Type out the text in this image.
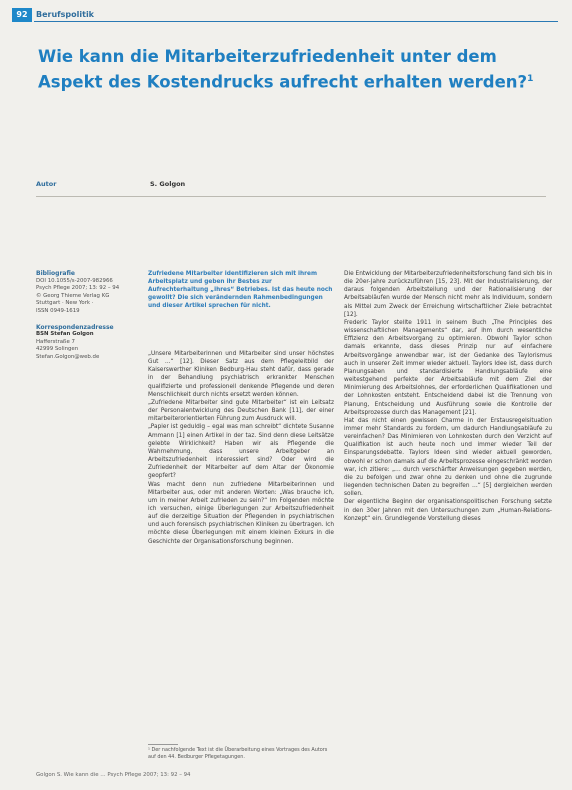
92	Berufspolitik
Wie kann die Mitarbeiterzufriedenheit unter dem Aspekt des Kostendrucks aufrecht erhalten werden?$^1$
Autor	S. Golgon
Bibliografie
DOI 10.1055/s-2007-982966
Psych Pflege 2007; 13: 92 – 94
© Georg Thieme Verlag KG
Stuttgart · New York ·
ISSN 0949-1619
Korrespondenzadresse
BSN Stefan Golgon
Hafferstraße 7
42999 Solingen
Stefan.Golgon@web.de
Zufriedene Mitarbeiter identifizieren sich mit ihrem Arbeitsplatz und geben ihr Bestes zur Aufrechterhaltung „ihres“ Betriebes. Ist das heute noch gewollt? Die sich verändernden Rahmenbedingungen und dieser Artikel sprechen für nicht.

„Unsere Mitarbeiterinnen und Mitarbeiter sind unser höchstes Gut …“ [12]. Dieser Satz aus dem Pflegeleitbild der Kaiserswerther Kliniken Bedburg-Hau steht dafür, dass gerade in der Behandlung psychiatrisch erkrankter Menschen qualifizierte und professionell denkende Pflegende und deren Menschlichkeit durch nichts ersetzt werden können.

„Zufriedene Mitarbeiter sind gute Mitarbeiter“ ist ein Leitsatz der Personalentwicklung des Deutschen Bank [11], der einer mitarbeiterorientierten Führung zum Ausdruck will.

„Papier ist geduldig – egal was man schreibt“ dichtete Susanne Ammann [1] einen Artikel in der taz. Sind denn diese Leitsätze gelebte Wirklichkeit? Haben wir als Pflegende die Wahrnehmung, dass unsere Arbeitgeber an Arbeitszufriedenheit interessiert sind? Oder wird die Zufriedenheit der Mitarbeiter auf dem Altar der Ökonomie geopfert?

Was macht denn nun zufriedene Mitarbeiterinnen und Mitarbeiter aus, oder mit anderen Worten: „Was brauche ich, um in meiner Arbeit zufrieden zu sein?“ Im Folgenden möchte ich versuchen, einige Überlegungen zur Arbeitszufriedenheit auf die derzeitige Situation der Pflegenden in psychiatrischen und auch forensisch psychiatrischen Kliniken zu übertragen. Ich möchte diese Überlegungen mit einem kleinen Exkurs in die Geschichte der Organisationsforschung beginnen.

¹ Der nachfolgende Text ist die Überarbeitung eines Vortrages des Autors auf den 44. Bedburger Pflegetagungen.

Die Entwicklung der Mitarbeiterzufriedenheitsforschung fand sich bis in die 20er-Jahre zurückzuführen [15, 23]. Mit der Industrialisierung, der daraus folgenden Arbeitsteilung und der Rationalisierung der Arbeitsabläufen wurde der Mensch nicht mehr als Individuum, sondern als Mittel zum Zweck der Erreichung wirtschaftlicher Ziele betrachtet [12].

Frederic Taylor stellte 1911 in seinem Buch „The Principles des wissenschaftlichen Managements“ dar, auf ihm durch wesentliche Effizienz den Arbeitsvorgang zu optimieren. Obwohl Taylor schon damals erkannte, dass dieses Prinzip nur auf einfachere Arbeitsvorgänge anwendbar war, ist der Gedanke des Taylorismus auch in unserer Zeit immer wieder aktuell. Taylors Idee ist, dass durch Planungsaben und standardisierte Handlungsabläufe eine weitestgehend perfekte der Arbeitsabläufe mit dem Ziel der Minimierung des Arbeitslohnes, der erforderlichen Qualifikationen und der Lohnkosten entsteht. Entscheidend dabei ist die Trennung von Planung, Entscheidung und Ausführung sowie die Kontrolle der Arbeitsprozesse durch das Management [21].

Hat das nicht einen gewissen Charme in der Erstausregelsituation immer mehr Standards zu fordern, um dadurch Handlungsabläufe zu vereinfachen? Das Minimieren von Lohnkosten durch den Verzicht auf Qualifikation ist auch heute noch und immer wieder Teil der Einsparungsdebatte. Taylors Ideen sind wieder aktuell geworden, obwohl er schon damals auf die Arbeitsprozesse eingeschränkt worden war, ich zitiere: „… durch verschärfter Anweisungen gegeben werden, die zu befolgen und zwar ohne zu denken und ohne die zugrunde liegenden technischen Daten zu begreifen …“ [5] dergleichen werden sollen.

Der eigentliche Beginn der organisationspolitischen Forschung setzte in den 30er Jahren mit den Untersuchungen zum „Human-Relations-Konzept“ ein. Grundlegende Vorstellung dieses

Golgon S. Wie kann die … Psych Pflege 2007; 13: 92 – 94
